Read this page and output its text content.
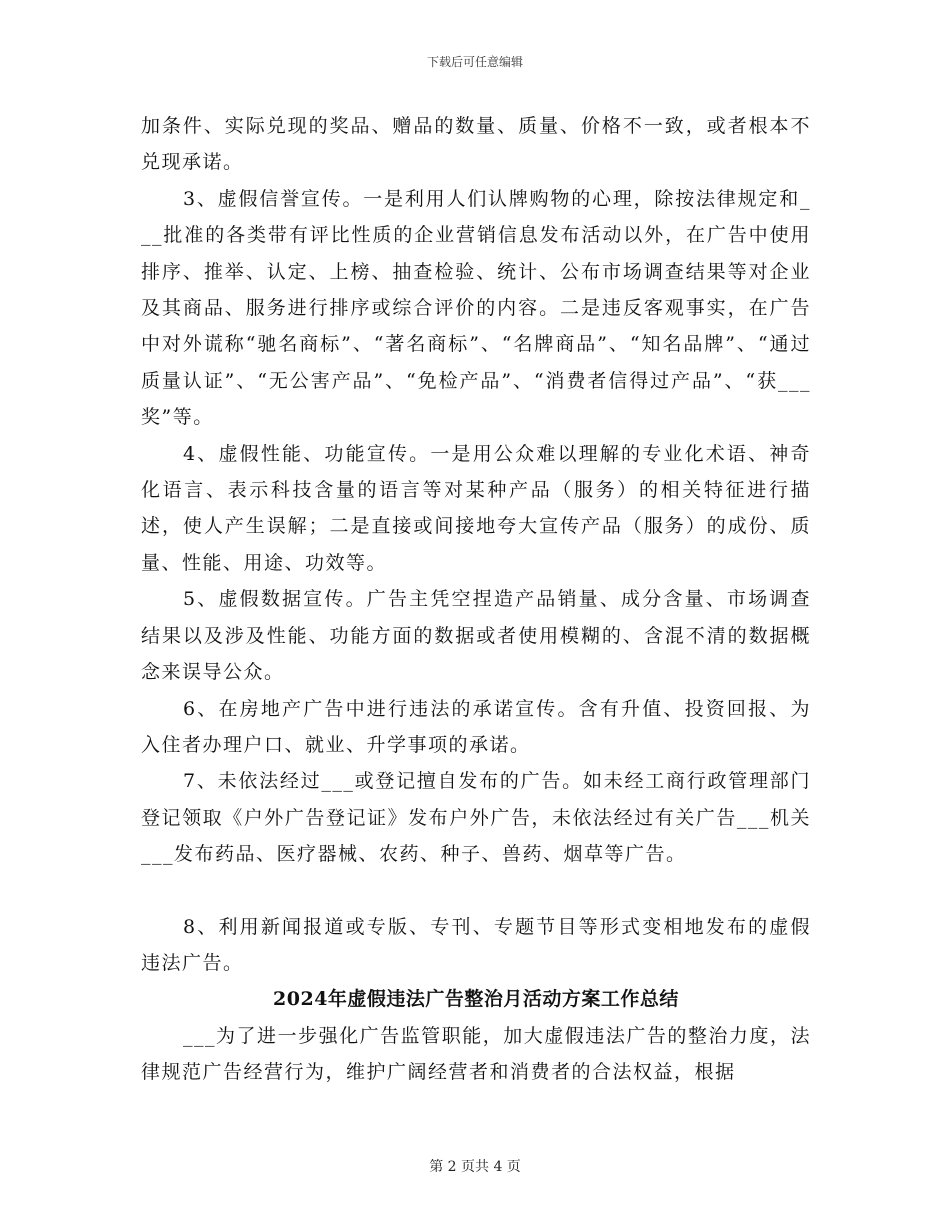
下载后可任意编辑

加条件、实际兑现的奖品、赠品的数量、质量、价格不一致，或者根本不兑现承诺。

3、虚假信誉宣传。一是利用人们认牌购物的心理，除按法律规定和___批准的各类带有评比性质的企业营销信息发布活动以外，在广告中使用排序、推举、认定、上榜、抽查检验、统计、公布市场调查结果等对企业及其商品、服务进行排序或综合评价的内容。二是违反客观事实，在广告中对外谎称“驰名商标”、“著名商标”、“名牌商品”、“知名品牌”、“通过质量认证”、“无公害产品”、“免检产品”、“消费者信得过产品”、“获___奖”等。

4、虚假性能、功能宣传。一是用公众难以理解的专业化术语、神奇化语言、表示科技含量的语言等对某种产品（服务）的相关特征进行描述，使人产生误解；二是直接或间接地夸大宣传产品（服务）的成份、质量、性能、用途、功效等。

5、虚假数据宣传。广告主凭空捏造产品销量、成分含量、市场调查结果以及涉及性能、功能方面的数据或者使用模糊的、含混不清的数据概念来误导公众。

6、在房地产广告中进行违法的承诺宣传。含有升值、投资回报、为入住者办理户口、就业、升学事项的承诺。

7、未依法经过___或登记擅自发布的广告。如未经工商行政管理部门登记领取《户外广告登记证》发布户外广告，未依法经过有关广告___机关___发布药品、医疗器械、农药、种子、兽药、烟草等广告。

8、利用新闻报道或专版、专刊、专题节目等形式变相地发布的虚假违法广告。

2024年虚假违法广告整治月活动方案工作总结

___为了进一步强化广告监管职能，加大虚假违法广告的整治力度，法律规范广告经营行为，维护广阔经营者和消费者的合法权益，根据

第 2 页共 4 页
